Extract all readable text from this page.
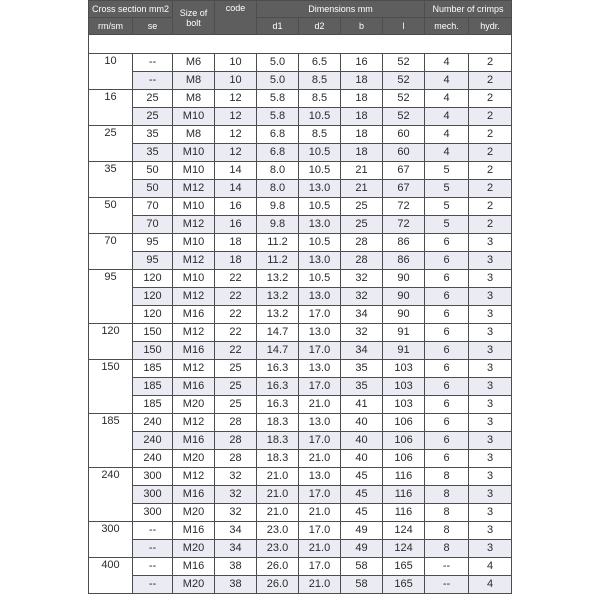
Cross section mm2		Size of bolt	code	Dimensions mm				Number of crimps	
rm/sm	se			d1	d2	b	l	mech.	hydr.

10	--	M6	10	5.0	6.5	16	52	4	2
	--	M8	10	5.0	8.5	18	52	4	2
16	25	M8	12	5.8	8.5	18	52	4	2
	25	M10	12	5.8	10.5	18	52	4	2
25	35	M8	12	6.8	8.5	18	60	4	2
	35	M10	12	6.8	10.5	18	60	4	2
35	50	M10	14	8.0	10.5	21	67	5	2
	50	M12	14	8.0	13.0	21	67	5	2
50	70	M10	16	9.8	10.5	25	72	5	2
	70	M12	16	9.8	13.0	25	72	5	2
70	95	M10	18	11.2	10.5	28	86	6	3
	95	M12	18	11.2	13.0	28	86	6	3
95	120	M10	22	13.2	10.5	32	90	6	3
	120	M12	22	13.2	13.0	32	90	6	3
	120	M16	22	13.2	17.0	34	90	6	3
120	150	M12	22	14.7	13.0	32	91	6	3
	150	M16	22	14.7	17.0	34	91	6	3
150	185	M12	25	16.3	13.0	35	103	6	3
	185	M16	25	16.3	17.0	35	103	6	3
	185	M20	25	16.3	21.0	41	103	6	3
185	240	M12	28	18.3	13.0	40	106	6	3
	240	M16	28	18.3	17.0	40	106	6	3
	240	M20	28	18.3	21.0	40	106	6	3
240	300	M12	32	21.0	13.0	45	116	8	3
	300	M16	32	21.0	17.0	45	116	8	3
	300	M20	32	21.0	21.0	45	116	8	3
300	--	M16	34	23.0	17.0	49	124	8	3
	--	M20	34	23.0	21.0	49	124	8	3
400	--	M16	38	26.0	17.0	58	165	--	4
	--	M20	38	26.0	21.0	58	165	--	4
